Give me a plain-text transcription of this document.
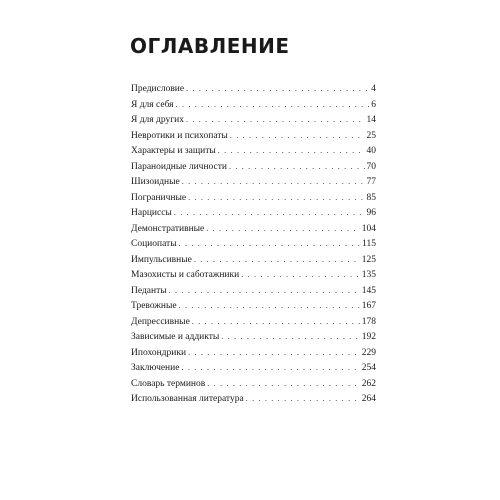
ОГЛАВЛЕНИЕ
Предисловие . . .	4
Я для себя . . .	6
Я для других . . .	14
Невротики и психопаты . . .	25
Характеры и защиты . . .	40
Параноидные личности . . .	70
Шизоидные . . .	77
Пограничные . . .	85
Нарциссы . . .	96
Демонстративные . . .	104
Социопаты . . .	115
Импульсивные . . .	125
Мазохисты и саботажники . . .	135
Педанты . . .	145
Тревожные . . .	167
Депрессивные . . .	178
Зависимые и аддикты . . .	192
Ипохондрики . . .	229
Заключение . . .	254
Словарь терминов . . .	262
Использованная литература . . .	264
